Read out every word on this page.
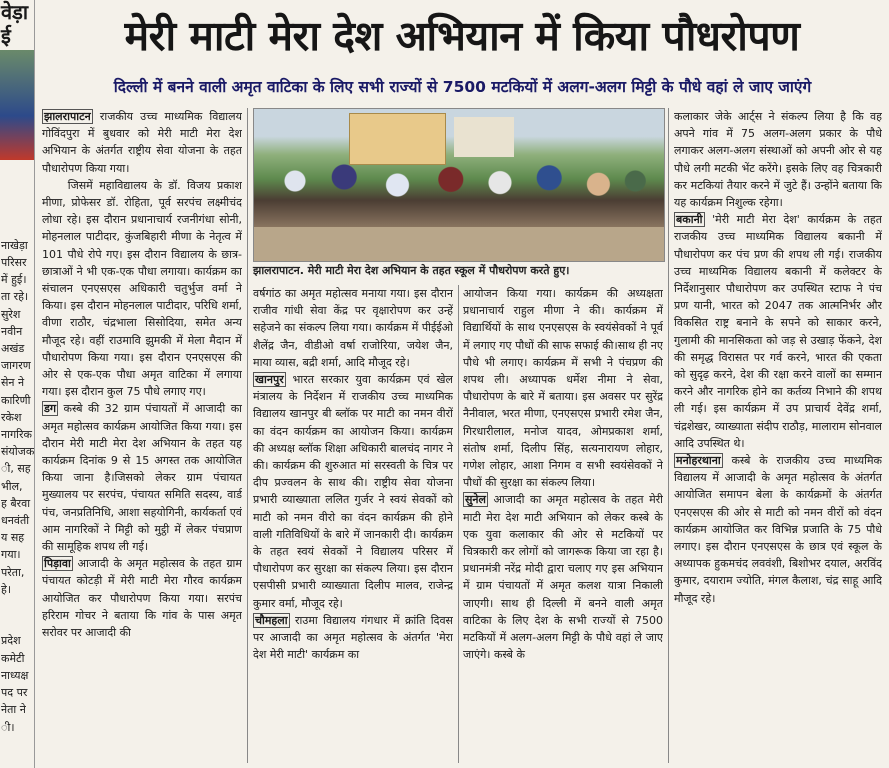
वेड़ा
ई

नाखेड़ा
परिसर
में हुई।
ता रहे।
सुरेश
नवीन
अखंड
जागरण
सेन ने
कारिणी
रकेश
नागरिक
संयोजक
ी, सह
भील,
ह बैरवा
धनवंती
य सह
गया।
परेता,
हे।

प्रदेश
कमेटी
नाध्यक्ष
पद पर
नेता ने
ी।
मेरी माटी मेरा देश अभियान में किया पौधरोपण
दिल्ली में बनने वाली अमृत वाटिका के लिए सभी राज्यों से 7500 मटकियों में अलग-अलग मिट्टी के पौधे वहां ले जाए जाएंगे

झालरापाटन राजकीय उच्च माध्यमिक विद्यालय गोविंदपुरा में बुधवार को मेरी माटी मेरा देश अभियान के अंतर्गत राष्ट्रीय सेवा योजना के तहत पौधारोपण किया गया।

जिसमें महाविद्यालय के डॉ. विजय प्रकाश मीणा, प्रोफेसर डॉ. रोहिता, पूर्व सरपंच लक्ष्मीचंद लोधा रहे। इस दौरान प्रधानाचार्य रजनीगंधा सोनी, मोहनलाल पाटीदार, कुंजबिहारी मीणा के नेतृत्व में 101 पौधे रोपे गए। इस दौरान विद्यालय के छात्र-छात्राओं ने भी एक-एक पौधा लगाया। कार्यक्रम का संचालन एनएसएस अधिकारी चतुर्भुज वर्मा ने किया। इस दौरान मोहनलाल पाटीदार, परिधि शर्मा, वीणा राठौर, चंद्रभाला सिसोदिया, समेत अन्य मौजूद रहे। वहीं राउमावि झुमकी में मेला मैदान में पौधारोपण किया गया। इस दौरान एनएसएस की ओर से एक-एक पौधा अमृत वाटिका में लगाया गया। इस दौरान कुल 75 पौधे लगाए गए।

डग कस्बे की 32 ग्राम पंचायतों में आजादी का अमृत महोत्सव कार्यक्रम आयोजित किया गया। इस दौरान मेरी माटी मेरा देश अभियान के तहत यह कार्यक्रम दिनांक 9 से 15 अगस्त तक आयोजित किया जाना है।जिसको लेकर ग्राम पंचायत मुख्यालय पर सरपंच, पंचायत समिति सदस्य, वार्ड पंच, जनप्रतिनिधि, आशा सहयोगिनी, कार्यकर्ता एवं आम नागरिकों ने मिट्टी को मुट्ठी में लेकर पंचप्राण की सामूहिक शपथ ली गई।

पिड़ावा आजादी के अमृत महोत्सव के तहत ग्राम पंचायत कोटड़ी में मेरी माटी मेरा गौरव कार्यक्रम आयोजित कर पौधारोपण किया गया। सरपंच हरिराम गोचर ने बताया कि गांव के पास अमृत सरोवर पर आजादी की

झालरापाटन. मेरी माटी मेरा देश अभियान के तहत स्कूल में पौधरोपण करते हुए।

वर्षगांठ का अमृत महोत्सव मनाया गया। इस दौरान राजीव गांधी सेवा केंद्र पर वृक्षारोपण कर उन्हें सहेजने का संकल्प लिया गया। कार्यक्रम में पीईईओ शैलेंद्र जैन, वीडीओ वर्षा राजोरिया, जयेश जैन, माया व्यास, बद्री शर्मा, आदि मौजूद रहे।

खानपुर भारत सरकार युवा कार्यक्रम एवं खेल मंत्रालय के निर्देशन में राजकीय उच्च माध्यमिक विद्यालय खानपुर बी ब्लॉक पर माटी का नमन वीरों का वंदन कार्यक्रम का आयोजन किया। कार्यक्रम की अध्यक्ष ब्लॉक शिक्षा अधिकारी बालचंद नागर ने की। कार्यक्रम की शुरुआत मां सरस्वती के चित्र पर दीप प्रज्वलन के साथ की। राष्ट्रीय सेवा योजना प्रभारी व्याख्याता ललित गुर्जर ने स्वयं सेवकों को माटी को नमन वीरो का वंदन कार्यक्रम की होने वाली गतिविधियों के बारे में जानकारी दी। कार्यक्रम के तहत स्वयं सेवकों ने विद्यालय परिसर में पौधारोपण कर सुरक्षा का संकल्प लिया। इस दौरान एसपीसी प्रभारी व्याख्याता दिलीप मालव, राजेन्द्र कुमार वर्मा, मौजूद रहे।

चौमहला राउमा विद्यालय गंगधार में क्रांति दिवस पर आजादी का अमृत महोत्सव के अंतर्गत 'मेरा देश मेरी माटी' कार्यक्रम का

आयोजन किया गया। कार्यक्रम की अध्यक्षता प्रधानाचार्य राहुल मीणा ने की। कार्यक्रम में विद्यार्थियों के साथ एनएसएस के स्वयंसेवकों ने पूर्व में लगाए गए पौधों की साफ सफाई की।साथ ही नए पौधे भी लगाए। कार्यक्रम में सभी ने पंचप्रण की शपथ ली। अध्यापक धर्मेश नीमा ने सेवा, पौधारोपण के बारे में बताया। इस अवसर पर सुरेंद्र नैनीवाल, भरत मीणा, एनएसएस प्रभारी रमेश जैन, गिरधारीलाल, मनोज यादव, ओमप्रकाश शर्मा, संतोष शर्मा, दिलीप सिंह, सत्यनारायण लोहार, गणेश लोहार, आशा निगम व सभी स्वयंसेवकों ने पौधों की सुरक्षा का संकल्प लिया।

सुनेल आजादी का अमृत महोत्सव के तहत मेरी माटी मेरा देश माटी अभियान को लेकर कस्बे के एक युवा कलाकार की ओर से मटकियों पर चित्रकारी कर लोगों को जागरूक किया जा रहा है। प्रधानमंत्री नरेंद्र मोदी द्वारा चलाए गए इस अभियान में ग्राम पंचायतों में अमृत कलश यात्रा निकाली जाएगी। साथ ही दिल्ली में बनने वाली अमृत वाटिका के लिए देश के सभी राज्यों से 7500 मटकियों में अलग-अलग मिट्टी के पौधे वहां ले जाए जाएंगे। कस्बे के

कलाकार जेके आर्ट्स ने संकल्प लिया है कि वह अपने गांव में 75 अलग-अलग प्रकार के पौधे लगाकर अलग-अलग संस्थाओं को अपनी ओर से यह पौधे लगी मटकी भेंट करेंगे। इसके लिए वह चित्रकारी कर मटकियां तैयार करने में जुटे हैं। उन्होंने बताया कि यह कार्यक्रम निशुल्क रहेगा।

बकानी 'मेरी माटी मेरा देश' कार्यक्रम के तहत राजकीय उच्च माध्यमिक विद्यालय बकानी में पौधारोपण कर पंच प्रण की शपथ ली गई। राजकीय उच्च माध्यमिक विद्यालय बकानी में कलेक्टर के निर्देशानुसार पौधारोपण कर उपस्थित स्टाफ ने पंच प्रण यानी, भारत को 2047 तक आत्मनिर्भर और विकसित राष्ट्र बनाने के सपने को साकार करने, गुलामी की मानसिकता को जड़ से उखाड़ फेंकने, देश की समृद्ध विरासत पर गर्व करने, भारत की एकता को सुदृढ़ करने, देश की रक्षा करने वालों का सम्मान करने और नागरिक होने का कर्तव्य निभाने की शपथ ली गई। इस कार्यक्रम में उप प्राचार्य देवेंद्र शर्मा, चंद्रशेखर, व्याख्याता संदीप राठौड़, मालाराम सोनवाल आदि उपस्थित थे।

मनोहरथाना कस्बे के राजकीय उच्च माध्यमिक विद्यालय में आजादी के अमृत महोत्सव के अंतर्गत आयोजित समापन बेला के कार्यक्रमों के अंतर्गत एनएसएस की ओर से माटी को नमन वीरों को वंदन कार्यक्रम आयोजित कर विभिन्न प्रजाति के 75 पौधे लगाए। इस दौरान एनएसएस के छात्र एवं स्कूल के अध्यापक हुकमचंद लववंशी, बिशोभर दयाल, अरविंद कुमार, दयाराम ज्योति, मंगल कैलाश, चंद्र साहू आदि मौजूद रहे।
